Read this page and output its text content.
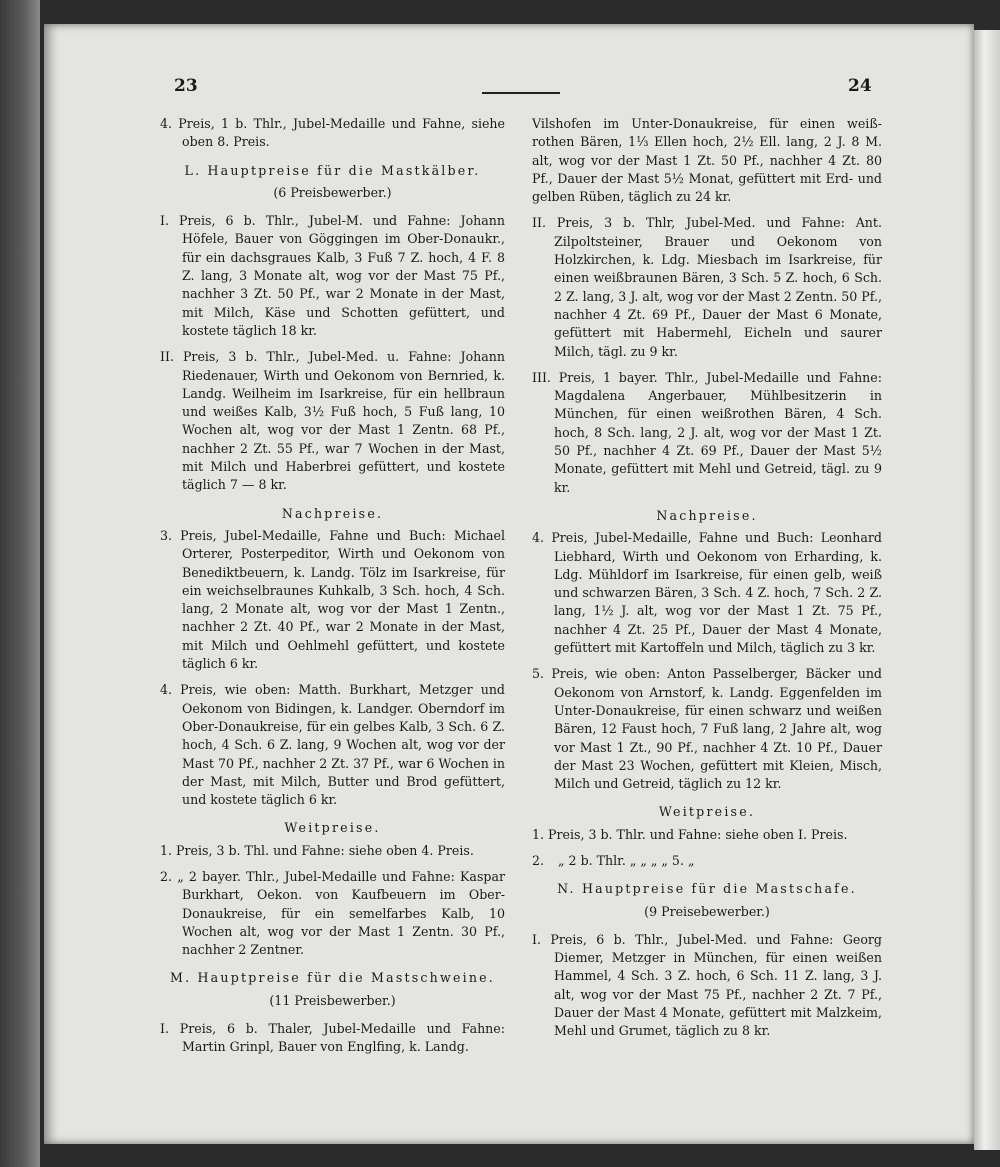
23	24

4. Preis, 1 b. Thlr., Jubel-Medaille und Fahne, siehe oben 8. Preis.

L. Hauptpreise für die Mastkälber.
(6 Preisbewerber.)

I. Preis, 6 b. Thlr., Jubel-M. und Fahne: Johann Höfele, Bauer von Göggingen im Ober-Donaukr., für ein dachsgraues Kalb, 3 Fuß 7 Z. hoch, 4 F. 8 Z. lang, 3 Monate alt, wog vor der Mast 75 Pf., nachher 3 Zt. 50 Pf., war 2 Monate in der Mast, mit Milch, Käse und Schotten gefüttert, und kostete täglich 18 kr.

II. Preis, 3 b. Thlr., Jubel-Med. u. Fahne: Johann Riedenauer, Wirth und Oekonom von Bernried, k. Landg. Weilheim im Isarkreise, für ein hellbraun und weißes Kalb, 3½ Fuß hoch, 5 Fuß lang, 10 Wochen alt, wog vor der Mast 1 Zentn. 68 Pf., nachher 2 Zt. 55 Pf., war 7 Wochen in der Mast, mit Milch und Haberbrei gefüttert, und kostete täglich 7 — 8 kr.

Nachpreise.

3. Preis, Jubel-Medaille, Fahne und Buch: Michael Orterer, Posterpeditor, Wirth und Oekonom von Benediktbeuern, k. Landg. Tölz im Isarkreise, für ein weichselbraunes Kuhkalb, 3 Sch. hoch, 4 Sch. lang, 2 Monate alt, wog vor der Mast 1 Zentn., nachher 2 Zt. 40 Pf., war 2 Monate in der Mast, mit Milch und Oehlmehl gefüttert, und kostete täglich 6 kr.

4. Preis, wie oben: Matth. Burkhart, Metzger und Oekonom von Bidingen, k. Landger. Oberndorf im Ober-Donaukreise, für ein gelbes Kalb, 3 Sch. 6 Z. hoch, 4 Sch. 6 Z. lang, 9 Wochen alt, wog vor der Mast 70 Pf., nachher 2 Zt. 37 Pf., war 6 Wochen in der Mast, mit Milch, Butter und Brod gefüttert, und kostete täglich 6 kr.

Weitpreise.

1. Preis, 3 b. Thl. und Fahne: siehe oben 4. Preis.

2. „ 2 bayer. Thlr., Jubel-Medaille und Fahne: Kaspar Burkhart, Oekon. von Kaufbeuern im Ober-Donaukreise, für ein semelfarbes Kalb, 10 Wochen alt, wog vor der Mast 1 Zentn. 30 Pf., nachher 2 Zentner.

M. Hauptpreise für die Mastschweine.
(11 Preisbewerber.)

I. Preis, 6 b. Thaler, Jubel-Medaille und Fahne: Martin Grinpl, Bauer von Englfing, k. Landg.

Vilshofen im Unter-Donaukreise, für einen weiß-rothen Bären, 1⅓ Ellen hoch, 2½ Ell. lang, 2 J. 8 M. alt, wog vor der Mast 1 Zt. 50 Pf., nachher 4 Zt. 80 Pf., Dauer der Mast 5½ Monat, gefüttert mit Erd- und gelben Rüben, täglich zu 24 kr.

II. Preis, 3 b. Thlr, Jubel-Med. und Fahne: Ant. Zilpoltsteiner, Brauer und Oekonom von Holzkirchen, k. Ldg. Miesbach im Isarkreise, für einen weißbraunen Bären, 3 Sch. 5 Z. hoch, 6 Sch. 2 Z. lang, 3 J. alt, wog vor der Mast 2 Zentn. 50 Pf., nachher 4 Zt. 69 Pf., Dauer der Mast 6 Monate, gefüttert mit Habermehl, Eicheln und saurer Milch, tägl. zu 9 kr.

III. Preis, 1 bayer. Thlr., Jubel-Medaille und Fahne: Magdalena Angerbauer, Mühlbesitzerin in München, für einen weißrothen Bären, 4 Sch. hoch, 8 Sch. lang, 2 J. alt, wog vor der Mast 1 Zt. 50 Pf., nachher 4 Zt. 69 Pf., Dauer der Mast 5½ Monate, gefüttert mit Mehl und Getreid, tägl. zu 9 kr.

Nachpreise.

4. Preis, Jubel-Medaille, Fahne und Buch: Leonhard Liebhard, Wirth und Oekonom von Erharding, k. Ldg. Mühldorf im Isarkreise, für einen gelb, weiß und schwarzen Bären, 3 Sch. 4 Z. hoch, 7 Sch. 2 Z. lang, 1½ J. alt, wog vor der Mast 1 Zt. 75 Pf., nachher 4 Zt. 25 Pf., Dauer der Mast 4 Monate, gefüttert mit Kartoffeln und Milch, täglich zu 3 kr.

5. Preis, wie oben: Anton Passelberger, Bäcker und Oekonom von Arnstorf, k. Landg. Eggenfelden im Unter-Donaukreise, für einen schwarz und weißen Bären, 12 Faust hoch, 7 Fuß lang, 2 Jahre alt, wog vor Mast 1 Zt., 90 Pf., nachher 4 Zt. 10 Pf., Dauer der Mast 23 Wochen, gefüttert mit Kleien, Misch, Milch und Getreid, täglich zu 12 kr.

Weitpreise.

1. Preis, 3 b. Thlr. und Fahne: siehe oben I. Preis.

2. „ 2 b. Thlr. „ „ „ „ 5. „
N. Hauptpreise für die Mastschafe.
(9 Preisebewerber.)

I. Preis, 6 b. Thlr., Jubel-Med. und Fahne: Georg Diemer, Metzger in München, für einen weißen Hammel, 4 Sch. 3 Z. hoch, 6 Sch. 11 Z. lang, 3 J. alt, wog vor der Mast 75 Pf., nachher 2 Zt. 7 Pf., Dauer der Mast 4 Monate, gefüttert mit Malzkeim, Mehl und Grumet, täglich zu 8 kr.
